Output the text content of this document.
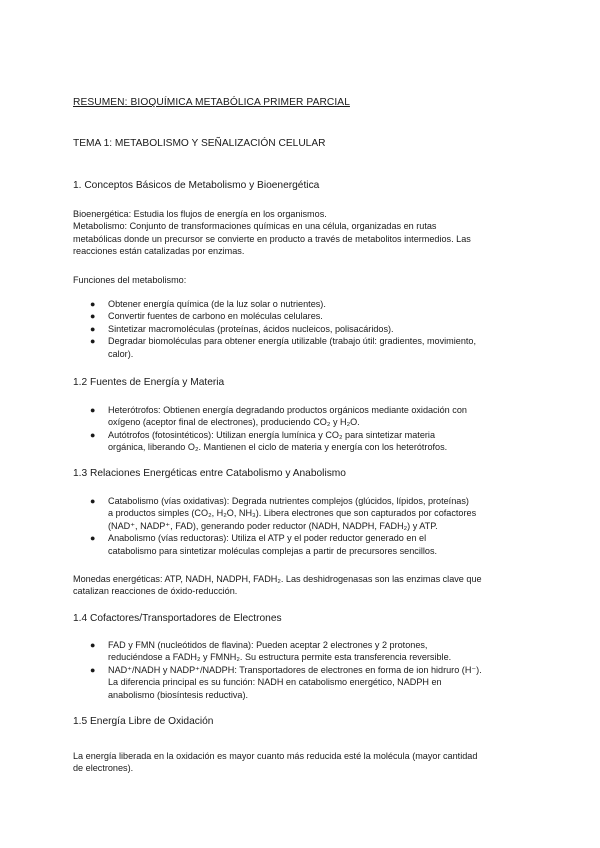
RESUMEN: BIOQUÍMICA METABÓLICA PRIMER PARCIAL
TEMA 1: METABOLISMO Y SEÑALIZACIÓN CELULAR
1. Conceptos Básicos de Metabolismo y Bioenergética
Bioenergética: Estudia los flujos de energía en los organismos.
Metabolismo: Conjunto de transformaciones químicas en una célula, organizadas en rutas
metabólicas donde un precursor se convierte en producto a través de metabolitos intermedios. Las
reacciones están catalizadas por enzimas.
Funciones del metabolismo:
● Obtener energía química (de la luz solar o nutrientes).
● Convertir fuentes de carbono en moléculas celulares.
● Sintetizar macromoléculas (proteínas, ácidos nucleicos, polisacáridos).
● Degradar biomoléculas para obtener energía utilizable (trabajo útil: gradientes, movimiento,
calor).
1.2 Fuentes de Energía y Materia
● Heterótrofos: Obtienen energía degradando productos orgánicos mediante oxidación con
oxígeno (aceptor final de electrones), produciendo CO₂ y H₂O.
● Autótrofos (fotosintéticos): Utilizan energía lumínica y CO₂ para sintetizar materia
orgánica, liberando O₂. Mantienen el ciclo de materia y energía con los heterótrofos.
1.3 Relaciones Energéticas entre Catabolismo y Anabolismo
● Catabolismo (vías oxidativas): Degrada nutrientes complejos (glúcidos, lípidos, proteínas)
a productos simples (CO₂, H₂O, NH₃). Libera electrones que son capturados por cofactores
(NAD⁺, NADP⁺, FAD), generando poder reductor (NADH, NADPH, FADH₂) y ATP.
● Anabolismo (vías reductoras): Utiliza el ATP y el poder reductor generado en el
catabolismo para sintetizar moléculas complejas a partir de precursores sencillos.
Monedas energéticas: ATP, NADH, NADPH, FADH₂. Las deshidrogenasas son las enzimas clave que
catalizan reacciones de óxido-reducción.
1.4 Cofactores/Transportadores de Electrones
● FAD y FMN (nucleótidos de flavina): Pueden aceptar 2 electrones y 2 protones,
reduciéndose a FADH₂ y FMNH₂. Su estructura permite esta transferencia reversible.
● NAD⁺/NADH y NADP⁺/NADPH: Transportadores de electrones en forma de ion hidruro (H⁻).
La diferencia principal es su función: NADH en catabolismo energético, NADPH en
anabolismo (biosíntesis reductiva).
1.5 Energía Libre de Oxidación
La energía liberada en la oxidación es mayor cuanto más reducida esté la molécula (mayor cantidad
de electrones).
